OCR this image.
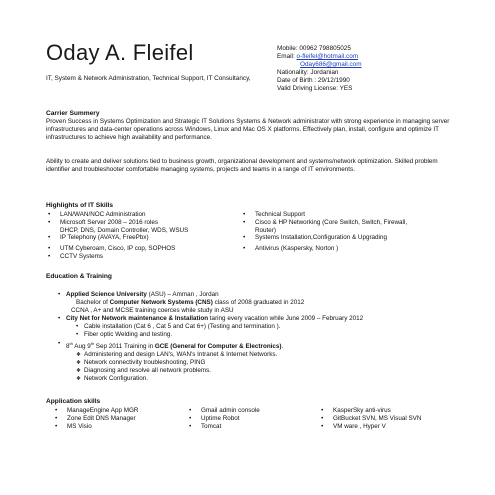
Oday A. Fleifel
IT, System & Network Administration, Technical Support, IT Consultancy,
Mobile: 00962 798805025
Email: o-fleifel@hotmail.com
Oday686@gmail.com
Nationality: Jordanian
Date of Birth : 29/12/1990
Valid Driving License: YES
Carrier Summery
Proven Success in Systems Optimization and Strategic IT Solutions Systems & Network administrator with strong experience in managing server infrastructures and data-center operations across Windows, Linux and Mac OS X platforms. Effectively plan, install, configure and optimize IT infrastructures to achieve high availability and performance.
Ability to create and deliver solutions tied to business growth, organizational development and systems/network optimization. Skilled problem identifier and troubleshooter comfortable managing systems, projects and teams in a range of IT environments.
Highlights of IT Skills
• LAN/WAN/NOC Administration
• Microsoft Server 2008 – 2016 roles
DHCP, DNS, Domain Controller, WDS, WSUS
• IP Telephony (AVAYA, FreePbx)
• UTM Cyberoam, Cisco, IP cop, SOPHOS
• CCTV Systems
• Technical Support
• Cisco & HP Networking (Core Switch, Switch, Firewall,
Router)
• Systems Installation,Configuration & Upgrading
• Antivirus (Kaspersky, Norton )
Education & Training
• Applied Science University (ASU) – Amman , Jordan
Bachelor of Computer Network Systems (CNS) class of 2008 graduated in 2012
CCNA , A+ and MCSE training coerces while study in ASU
• City Net for Network maintenance & Installation taring every vacation while June 2009 – February 2012
• Cable installation (Cat 6 , Cat 5 and Cat 6+) (Testing and termination ).
• Fiber optic Welding and testing.
• 8th Aug 9th Sep 2011 Training in GCE (General for Computer & Electronics).
❖ Administering and design LAN's, WAN's Intranet & Internet Networks.
❖ Network connectivity troubleshooting, PING
❖ Diagnosing and resolve all network problems.
❖ Network Configuration.
Application skills
• ManageEngine App MGR
• Zone Edit DNS Manager
• MS Visio
• Gmail admin console
• Uptime Robot
• Tomcat
• KasperSky anti-virus
• GitBucket SVN, MS Visual SVN
• VM ware , Hyper V
